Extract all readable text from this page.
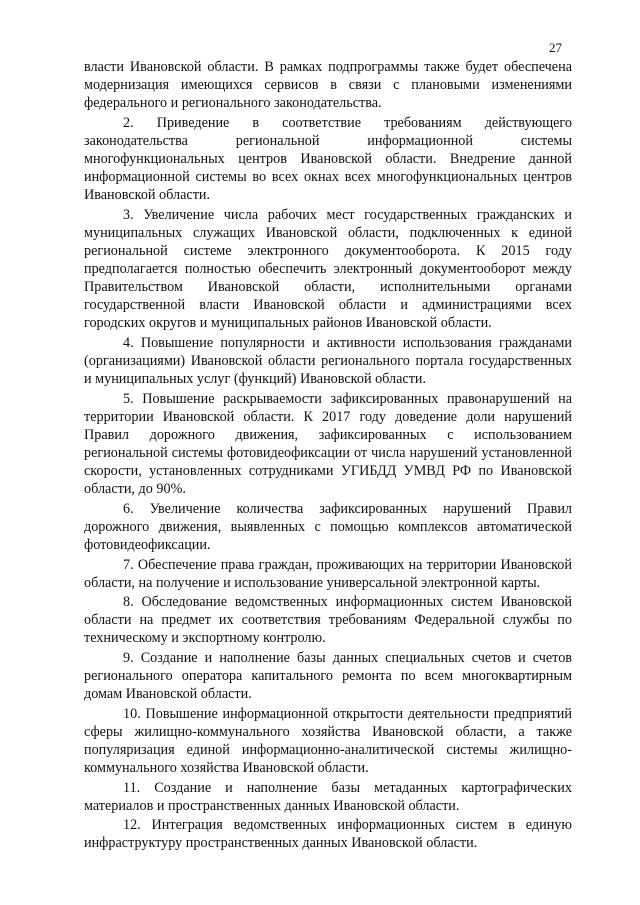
27

власти Ивановской области. В рамках подпрограммы также будет обеспечена модернизация имеющихся сервисов в связи с плановыми изменениями федерального и регионального законодательства.

2. Приведение в соответствие требованиям действующего законодательства региональной информационной системы многофункциональных центров Ивановской области. Внедрение данной информационной системы во всех окнах всех многофункциональных центров Ивановской области.

3. Увеличение числа рабочих мест государственных гражданских и муниципальных служащих Ивановской области, подключенных к единой региональной системе электронного документооборота. К 2015 году предполагается полностью обеспечить электронный документооборот между Правительством Ивановской области, исполнительными органами государственной власти Ивановской области и администрациями всех городских округов и муниципальных районов Ивановской области.

4. Повышение популярности и активности использования гражданами (организациями) Ивановской области регионального портала государственных и муниципальных услуг (функций) Ивановской области.

5. Повышение раскрываемости зафиксированных правонарушений на территории Ивановской области. К 2017 году доведение доли нарушений Правил дорожного движения, зафиксированных с использованием региональной системы фотовидеофиксации от числа нарушений установленной скорости, установленных сотрудниками УГИБДД УМВД РФ по Ивановской области, до 90%.

6. Увеличение количества зафиксированных нарушений Правил дорожного движения, выявленных с помощью комплексов автоматической фотовидеофиксации.

7. Обеспечение права граждан, проживающих на территории Ивановской области, на получение и использование универсальной электронной карты.

8. Обследование ведомственных информационных систем Ивановской области на предмет их соответствия требованиям Федеральной службы по техническому и экспортному контролю.

9. Создание и наполнение базы данных специальных счетов и счетов регионального оператора капитального ремонта по всем многоквартирным домам Ивановской области.

10. Повышение информационной открытости деятельности предприятий сферы жилищно-коммунального хозяйства Ивановской области, а также популяризация единой информационно-аналитической системы жилищно-коммунального хозяйства Ивановской области.

11. Создание и наполнение базы метаданных картографических материалов и пространственных данных Ивановской области.

12. Интеграция ведомственных информационных систем в единую инфраструктуру пространственных данных Ивановской области.
